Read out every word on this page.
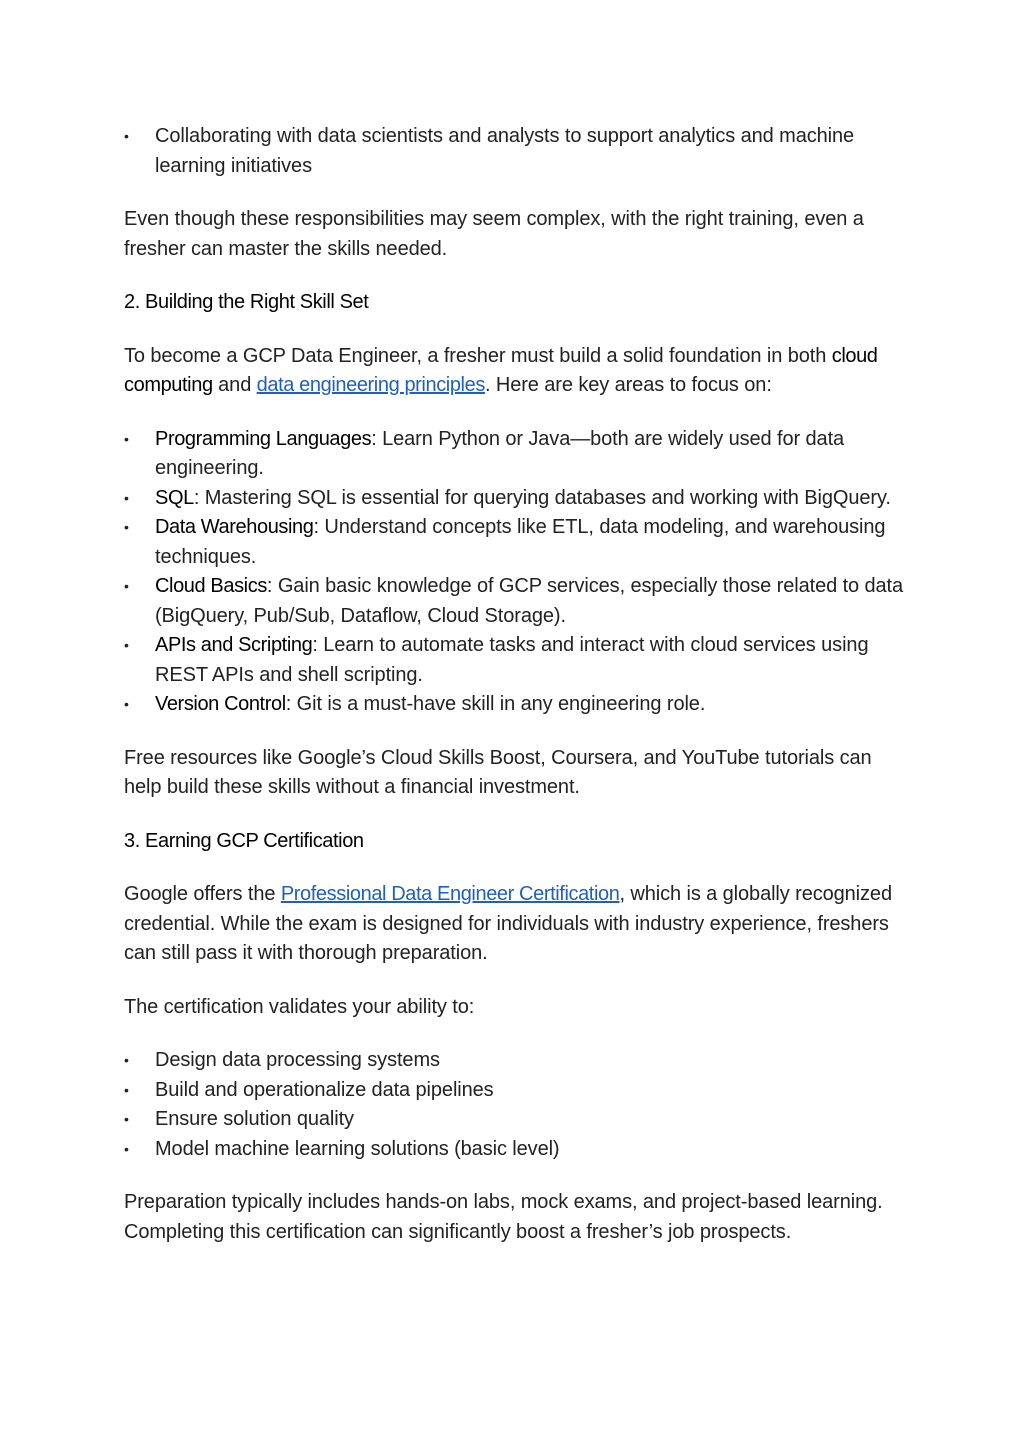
• Collaborating with data scientists and analysts to support analytics and machine learning initiatives

Even though these responsibilities may seem complex, with the right training, even a fresher can master the skills needed.

2. Building the Right Skill Set

To become a GCP Data Engineer, a fresher must build a solid foundation in both cloud computing and data engineering principles. Here are key areas to focus on:

• Programming Languages: Learn Python or Java—both are widely used for data engineering.
• SQL: Mastering SQL is essential for querying databases and working with BigQuery.
• Data Warehousing: Understand concepts like ETL, data modeling, and warehousing techniques.
• Cloud Basics: Gain basic knowledge of GCP services, especially those related to data (BigQuery, Pub/Sub, Dataflow, Cloud Storage).
• APIs and Scripting: Learn to automate tasks and interact with cloud services using REST APIs and shell scripting.
• Version Control: Git is a must-have skill in any engineering role.

Free resources like Google’s Cloud Skills Boost, Coursera, and YouTube tutorials can help build these skills without a financial investment.

3. Earning GCP Certification

Google offers the Professional Data Engineer Certification, which is a globally recognized credential. While the exam is designed for individuals with industry experience, freshers can still pass it with thorough preparation.

The certification validates your ability to:

• Design data processing systems
• Build and operationalize data pipelines
• Ensure solution quality
• Model machine learning solutions (basic level)

Preparation typically includes hands-on labs, mock exams, and project-based learning. Completing this certification can significantly boost a fresher’s job prospects.
